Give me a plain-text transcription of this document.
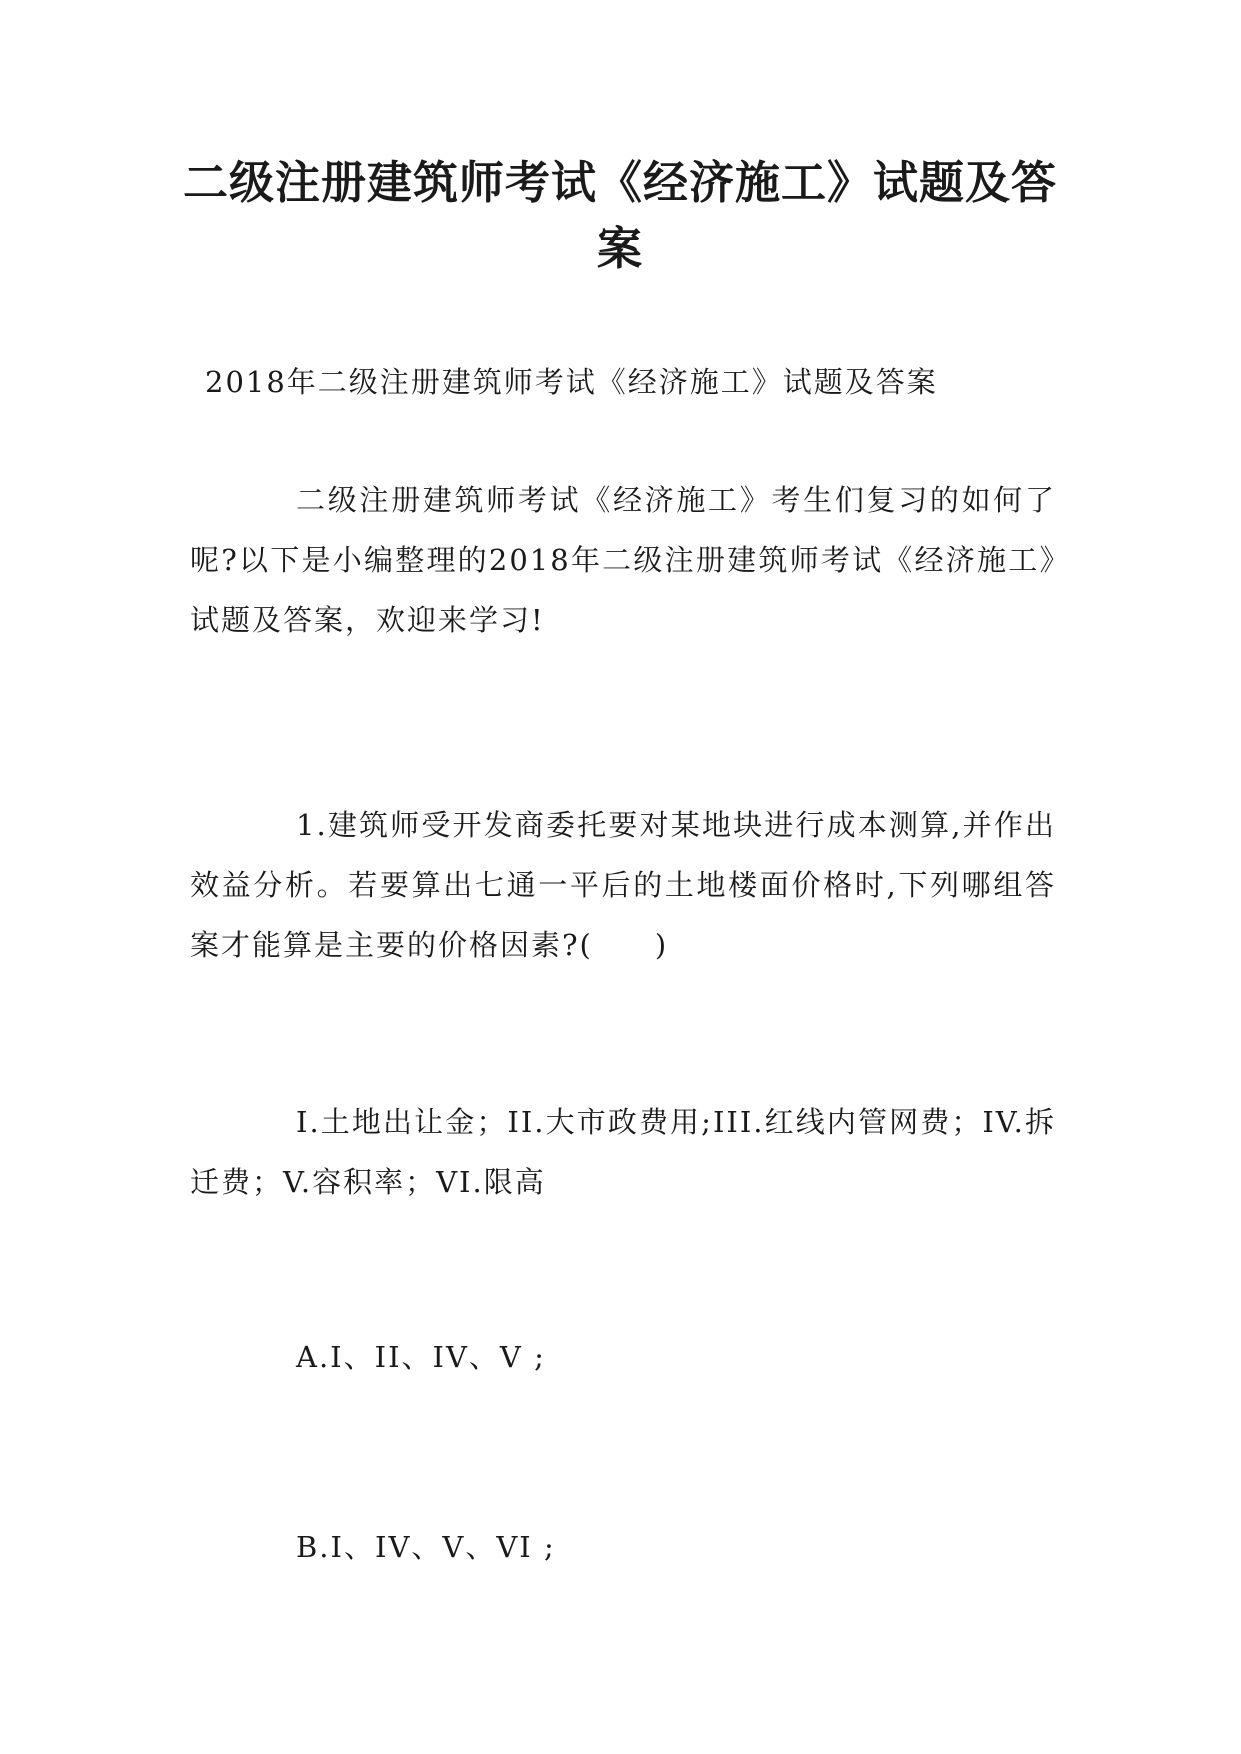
二级注册建筑师考试《经济施工》试题及答案

2018年二级注册建筑师考试《经济施工》试题及答案

二级注册建筑师考试《经济施工》考生们复习的如何了呢?以下是小编整理的2018年二级注册建筑师考试《经济施工》试题及答案，欢迎来学习!

1.建筑师受开发商委托要对某地块进行成本测算,并作出效益分析。若要算出七通一平后的土地楼面价格时,下列哪组答案才能算是主要的价格因素?(　　)

I.土地出让金；II.大市政费用;III.红线内管网费；IV.拆迁费；V.容积率；VI.限高

A.I、II、IV、V ;

B.I、IV、V、VI ;
